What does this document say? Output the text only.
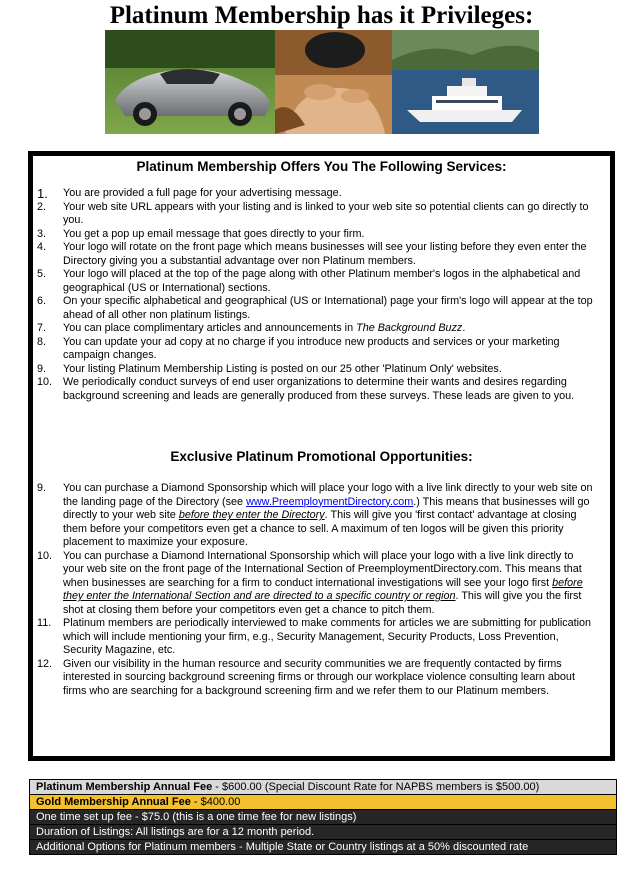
Platinum Membership has it Privileges:
Platinum Membership Offers You The Following Services:
1.	You are provided a full page for your advertising message.
2.	Your web site URL appears with your listing and is linked to your web site so potential clients can go directly to you.
3.	You get a pop up email message that goes directly to your firm.
4.	Your logo will rotate on the front page which means businesses will see your listing before they even enter the Directory giving you a substantial advantage over non Platinum members.
5.	Your logo will placed at the top of the page along with other Platinum member's logos in the alphabetical and geographical (US or International) sections.
6.	On your specific alphabetical and geographical (US or International) page your firm's logo will appear at the top ahead of all other non platinum listings.
7.	You can place complimentary articles and announcements in The Background Buzz.
8.	You can update your ad copy at no charge if you introduce new products and services or your marketing campaign changes.
9.	Your listing Platinum Membership Listing is posted on our 25 other 'Platinum Only' websites.
10.	We periodically conduct surveys of end user organizations to determine their wants and desires regarding background screening and leads are generally produced from these surveys. These leads are given to you.
Exclusive Platinum Promotional Opportunities:
9.	You can purchase a Diamond Sponsorship which will place your logo with a live link directly to your web site on the landing page of the Directory (see www.PreemploymentDirectory.com.) This means that businesses will go directly to your web site before they enter the Directory. This will give you 'first contact' advantage at closing them before your competitors even get a chance to sell. A maximum of ten logos will be given this priority placement to maximize your exposure.
10.	You can purchase a Diamond International Sponsorship which will place your logo with a live link directly to your web site on the front page of the International Section of PreemploymentDirectory.com. This means that when businesses are searching for a firm to conduct international investigations will see your logo first before they enter the International Section and are directed to a specific country or region. This will give you the first shot at closing them before your competitors even get a chance to pitch them.
11.	Platinum members are periodically interviewed to make comments for articles we are submitting for publication which will include mentioning your firm, e.g., Security Management, Security Products, Loss Prevention, Security Magazine, etc.
12.	Given our visibility in the human resource and security communities we are frequently contacted by firms interested in sourcing background screening firms or through our workplace violence consulting learn about firms who are searching for a background screening firm and we refer them to our Platinum members.
Platinum Membership Annual Fee - $600.00 (Special Discount Rate for NAPBS members is $500.00)
Gold Membership Annual Fee - $400.00
One time set up fee - $75.0 (this is a one time fee for new listings)
Duration of Listings: All listings are for a 12 month period.
Additional Options for Platinum members - Multiple State or Country listings at a 50% discounted rate
